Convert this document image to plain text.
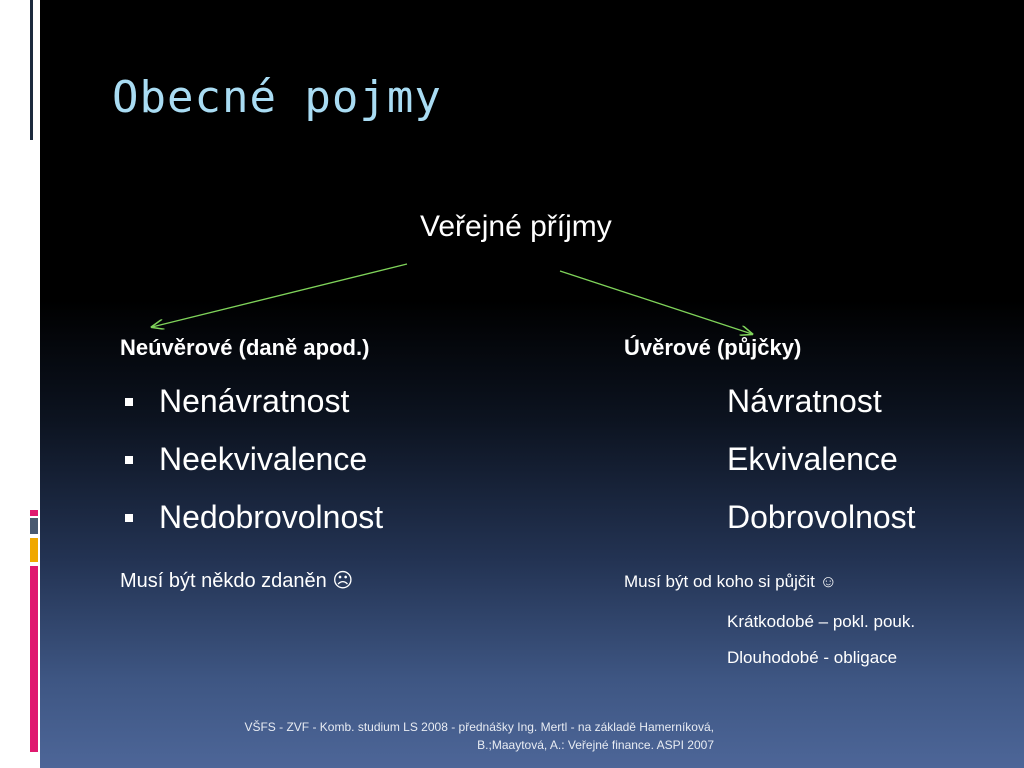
Obecné pojmy
Veřejné příjmy
Neúvěrové (daně apod.)
Nenávratnost
Neekvivalence
Nedobrovolnost
Musí být někdo zdaněn ☹
Úvěrové (půjčky)
Návratnost
Ekvivalence
Dobrovolnost
Musí být od koho si půjčit ☺
Krátkodobé – pokl. pouk.
Dlouhodobé - obligace
VŠFS - ZVF - Komb. studium LS 2008 - přednášky Ing. Mertl - na základě Hamerníková,
B.;Maaytová, A.: Veřejné finance. ASPI 2007
